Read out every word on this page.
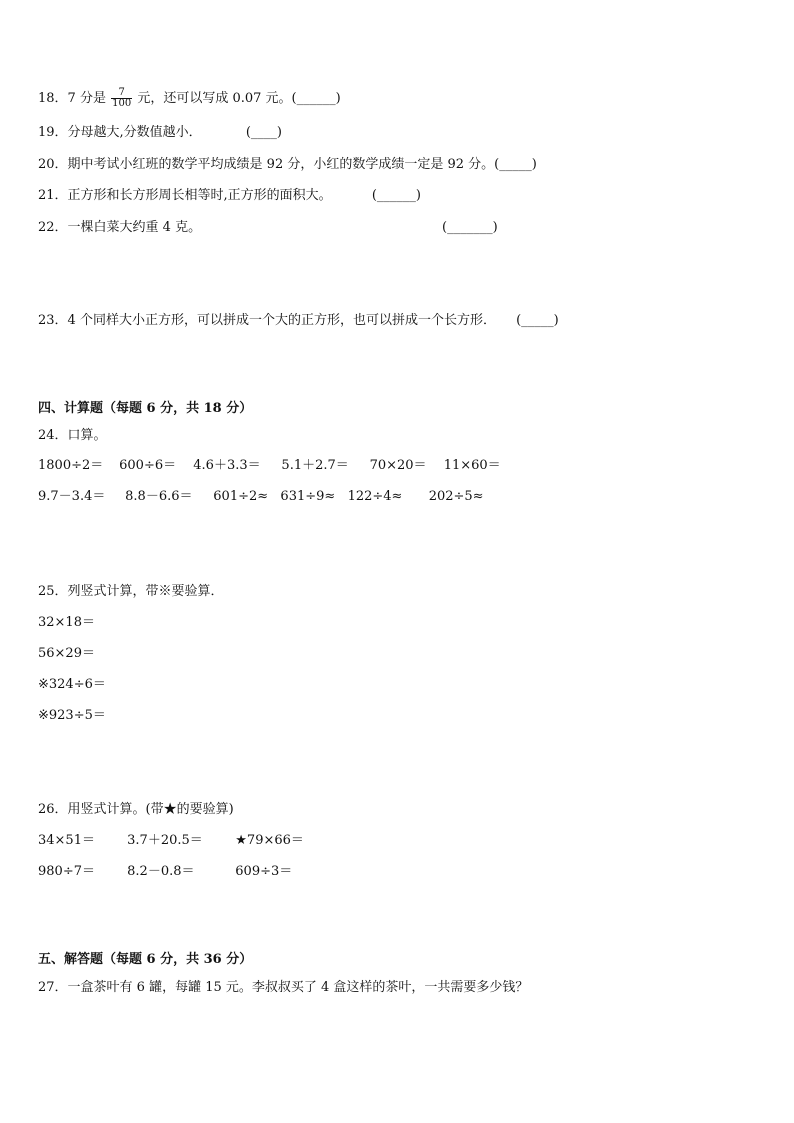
18．7 分是 $\frac{7}{100}$ 元，还可以写成 0.07 元。(______)
19．分母越大,分数值越小．	(____)
20．期中考试小红班的数学平均成绩是 92 分，小红的数学成绩一定是 92 分。(_____)
21．正方形和长方形周长相等时,正方形的面积大。	(______)
22．一棵白菜大约重 4 克。	(_______)
23．4 个同样大小正方形，可以拼成一个大的正方形，也可以拼成一个长方形． (_____)
四、计算题（每题 6 分，共 18 分）
24．口算。
1800÷2＝ 600÷6＝ 4.6＋3.3＝ 5.1＋2.7＝ 70×20＝ 11×60＝
9.7－3.4＝ 8.8－6.6＝ 601÷2≈ 631÷9≈ 122÷4≈ 202÷5≈
25．列竖式计算，带※要验算．
32×18＝
56×29＝
※324÷6＝
※923÷5＝
26．用竖式计算。(带★的要验算)
34×51＝ 3.7＋20.5＝	★79×66＝
980÷7＝ 8.2－0.8＝	609÷3＝
五、解答题（每题 6 分，共 36 分）
27．一盒茶叶有 6 罐，每罐 15 元。李叔叔买了 4 盒这样的茶叶，一共需要多少钱？
